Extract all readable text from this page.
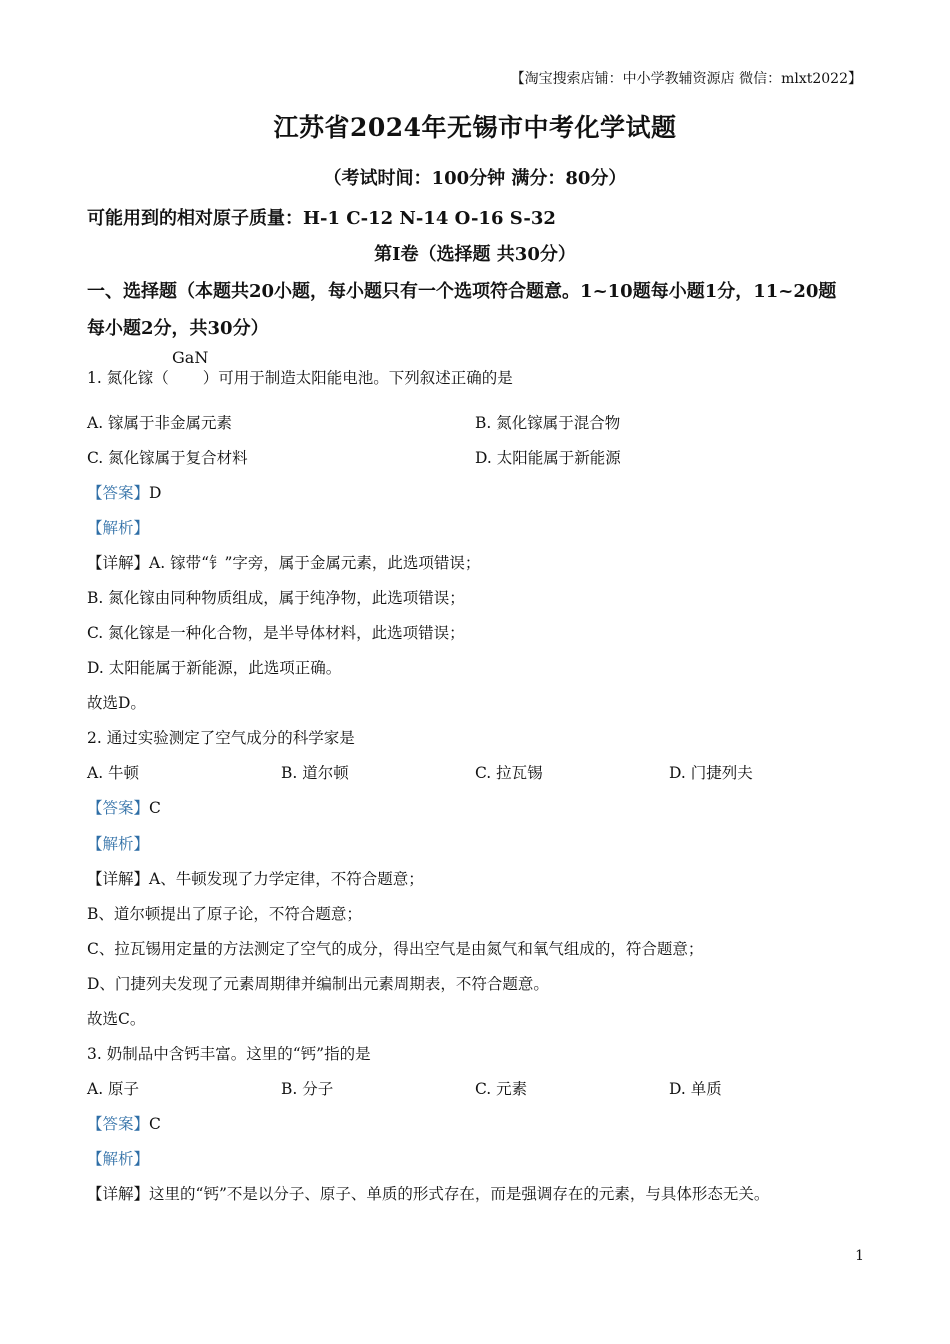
【淘宝搜索店铺：中小学教辅资源店 微信：mlxt2022】
江苏省2024年无锡市中考化学试题
（考试时间：100分钟 满分：80分）
可能用到的相对原子质量：H-1 C-12 N-14 O-16 S-32
第Ⅰ卷（选择题 共30分）
一、选择题（本题共20小题，每小题只有一个选项符合题意。1~10题每小题1分，11~20题
每小题2分，共30分）
GaN
1. 氮化镓（ ）可用于制造太阳能电池。下列叙述正确的是
A. 镓属于非金属元素	B. 氮化镓属于混合物
C. 氮化镓属于复合材料	D. 太阳能属于新能源
【答案】D
【解析】
【详解】A. 镓带“钅”字旁，属于金属元素，此选项错误；
B. 氮化镓由同种物质组成，属于纯净物，此选项错误；
C. 氮化镓是一种化合物，是半导体材料，此选项错误；
D. 太阳能属于新能源，此选项正确。
故选D。
2. 通过实验测定了空气成分的科学家是
A. 牛顿	B. 道尔顿	C. 拉瓦锡	D. 门捷列夫
【答案】C
【解析】
【详解】A、牛顿发现了力学定律，不符合题意；
B、道尔顿提出了原子论，不符合题意；
C、拉瓦锡用定量的方法测定了空气的成分，得出空气是由氮气和氧气组成的，符合题意；
D、门捷列夫发现了元素周期律并编制出元素周期表，不符合题意。
故选C。
3. 奶制品中含钙丰富。这里的“钙”指的是
A. 原子	B. 分子	C. 元素	D. 单质
【答案】C
【解析】
【详解】这里的“钙”不是以分子、原子、单质的形式存在，而是强调存在的元素，与具体形态无关。
1
